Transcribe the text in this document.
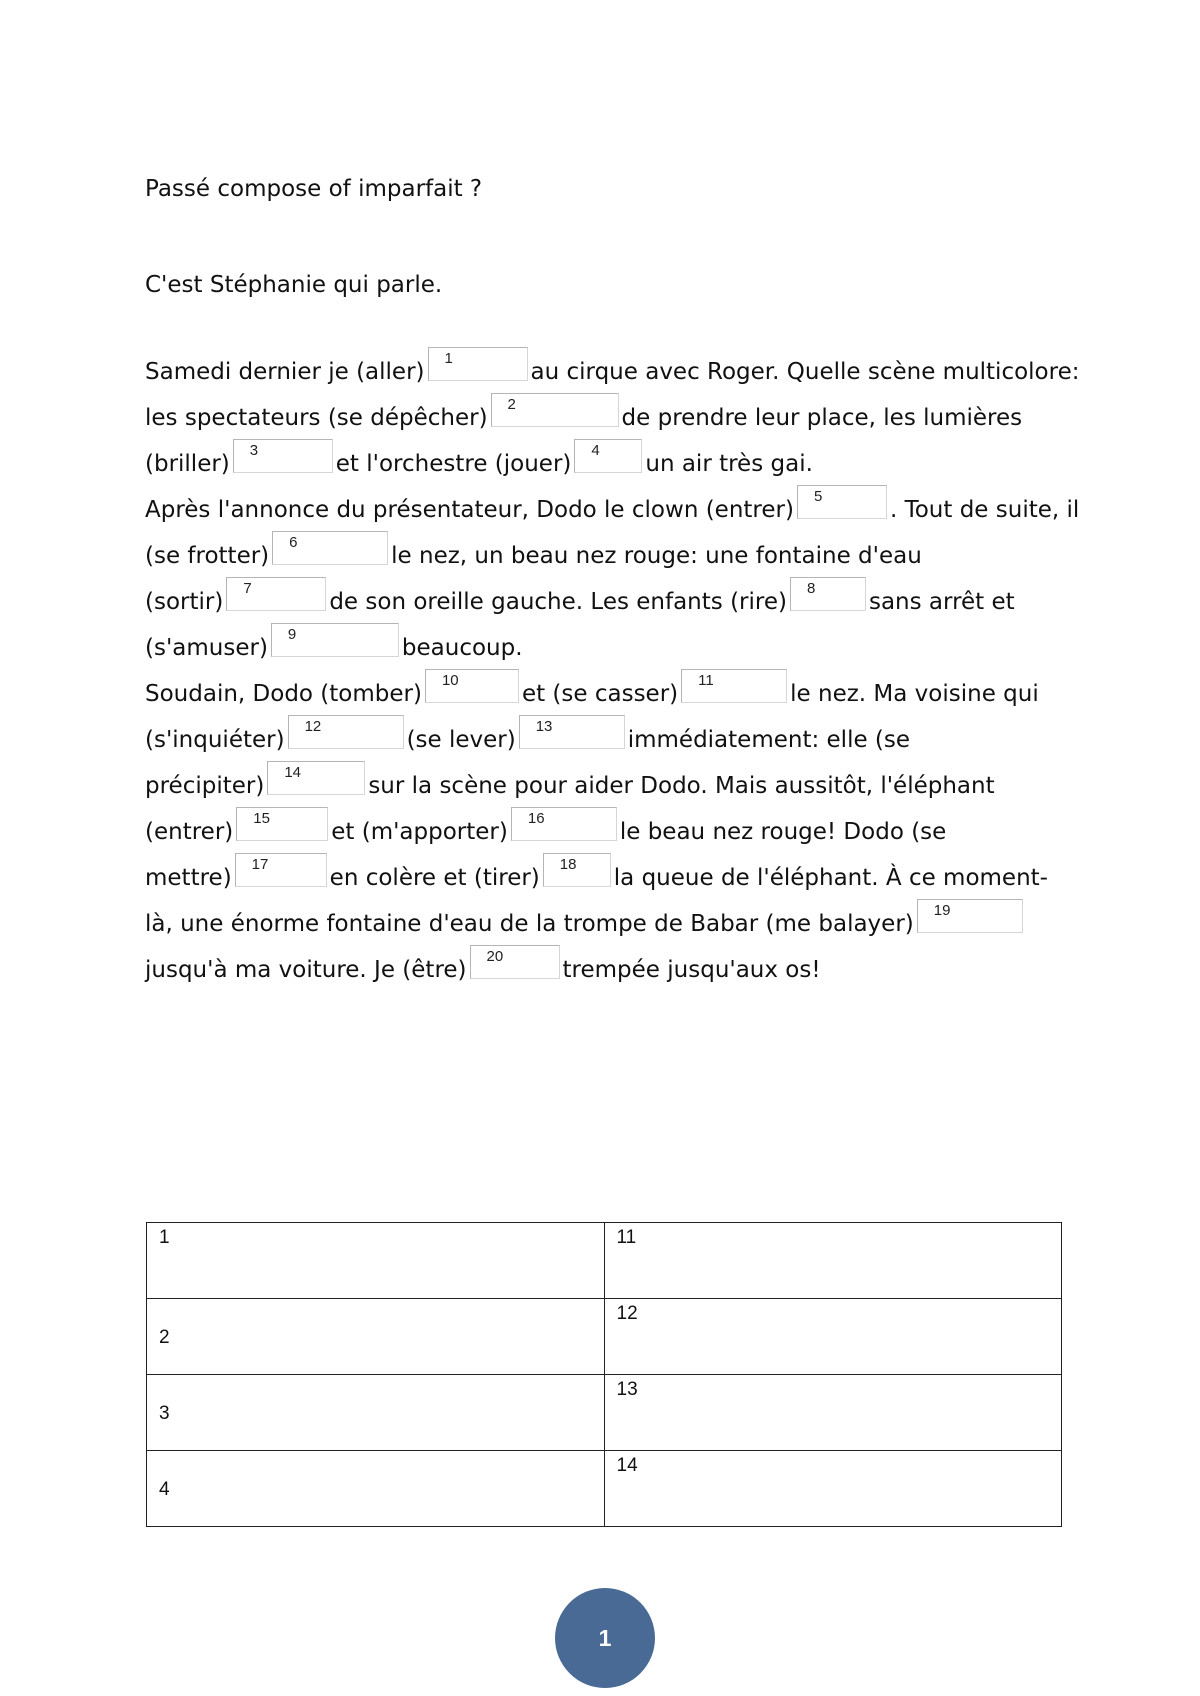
Passé compose of imparfait ?
C'est Stéphanie qui parle.
Samedi dernier je (aller)
1
au cirque avec Roger. Quelle scène multicolore:
les spectateurs (se dépêcher)
2
de prendre leur place, les lumières
(briller)
3
et l'orchestre (jouer)
4
un air très gai.
Après l'annonce du présentateur, Dodo le clown (entrer)
5
. Tout de suite, il
(se frotter)
6
le nez, un beau nez rouge: une fontaine d'eau
(sortir)
7
de son oreille gauche. Les enfants (rire)
8
sans arrêt et
(s'amuser)
9
beaucoup.
Soudain, Dodo (tomber)
10
et (se casser)
11
le nez. Ma voisine qui
(s'inquiéter)
12
(se lever)
13
immédiatement: elle (se
précipiter)
14
sur la scène pour aider Dodo. Mais aussitôt, l'éléphant
(entrer)
15
et (m'apporter)
16
le beau nez rouge! Dodo (se
mettre)
17
en colère et (tirer)
18
la queue de l'éléphant. À ce moment-
là, une énorme fontaine d'eau de la trompe de Babar (me balayer)
19
jusqu'à ma voiture. Je (être)
20
trempée jusqu'aux os!
1	11

2	12

3	13

4	14
1
